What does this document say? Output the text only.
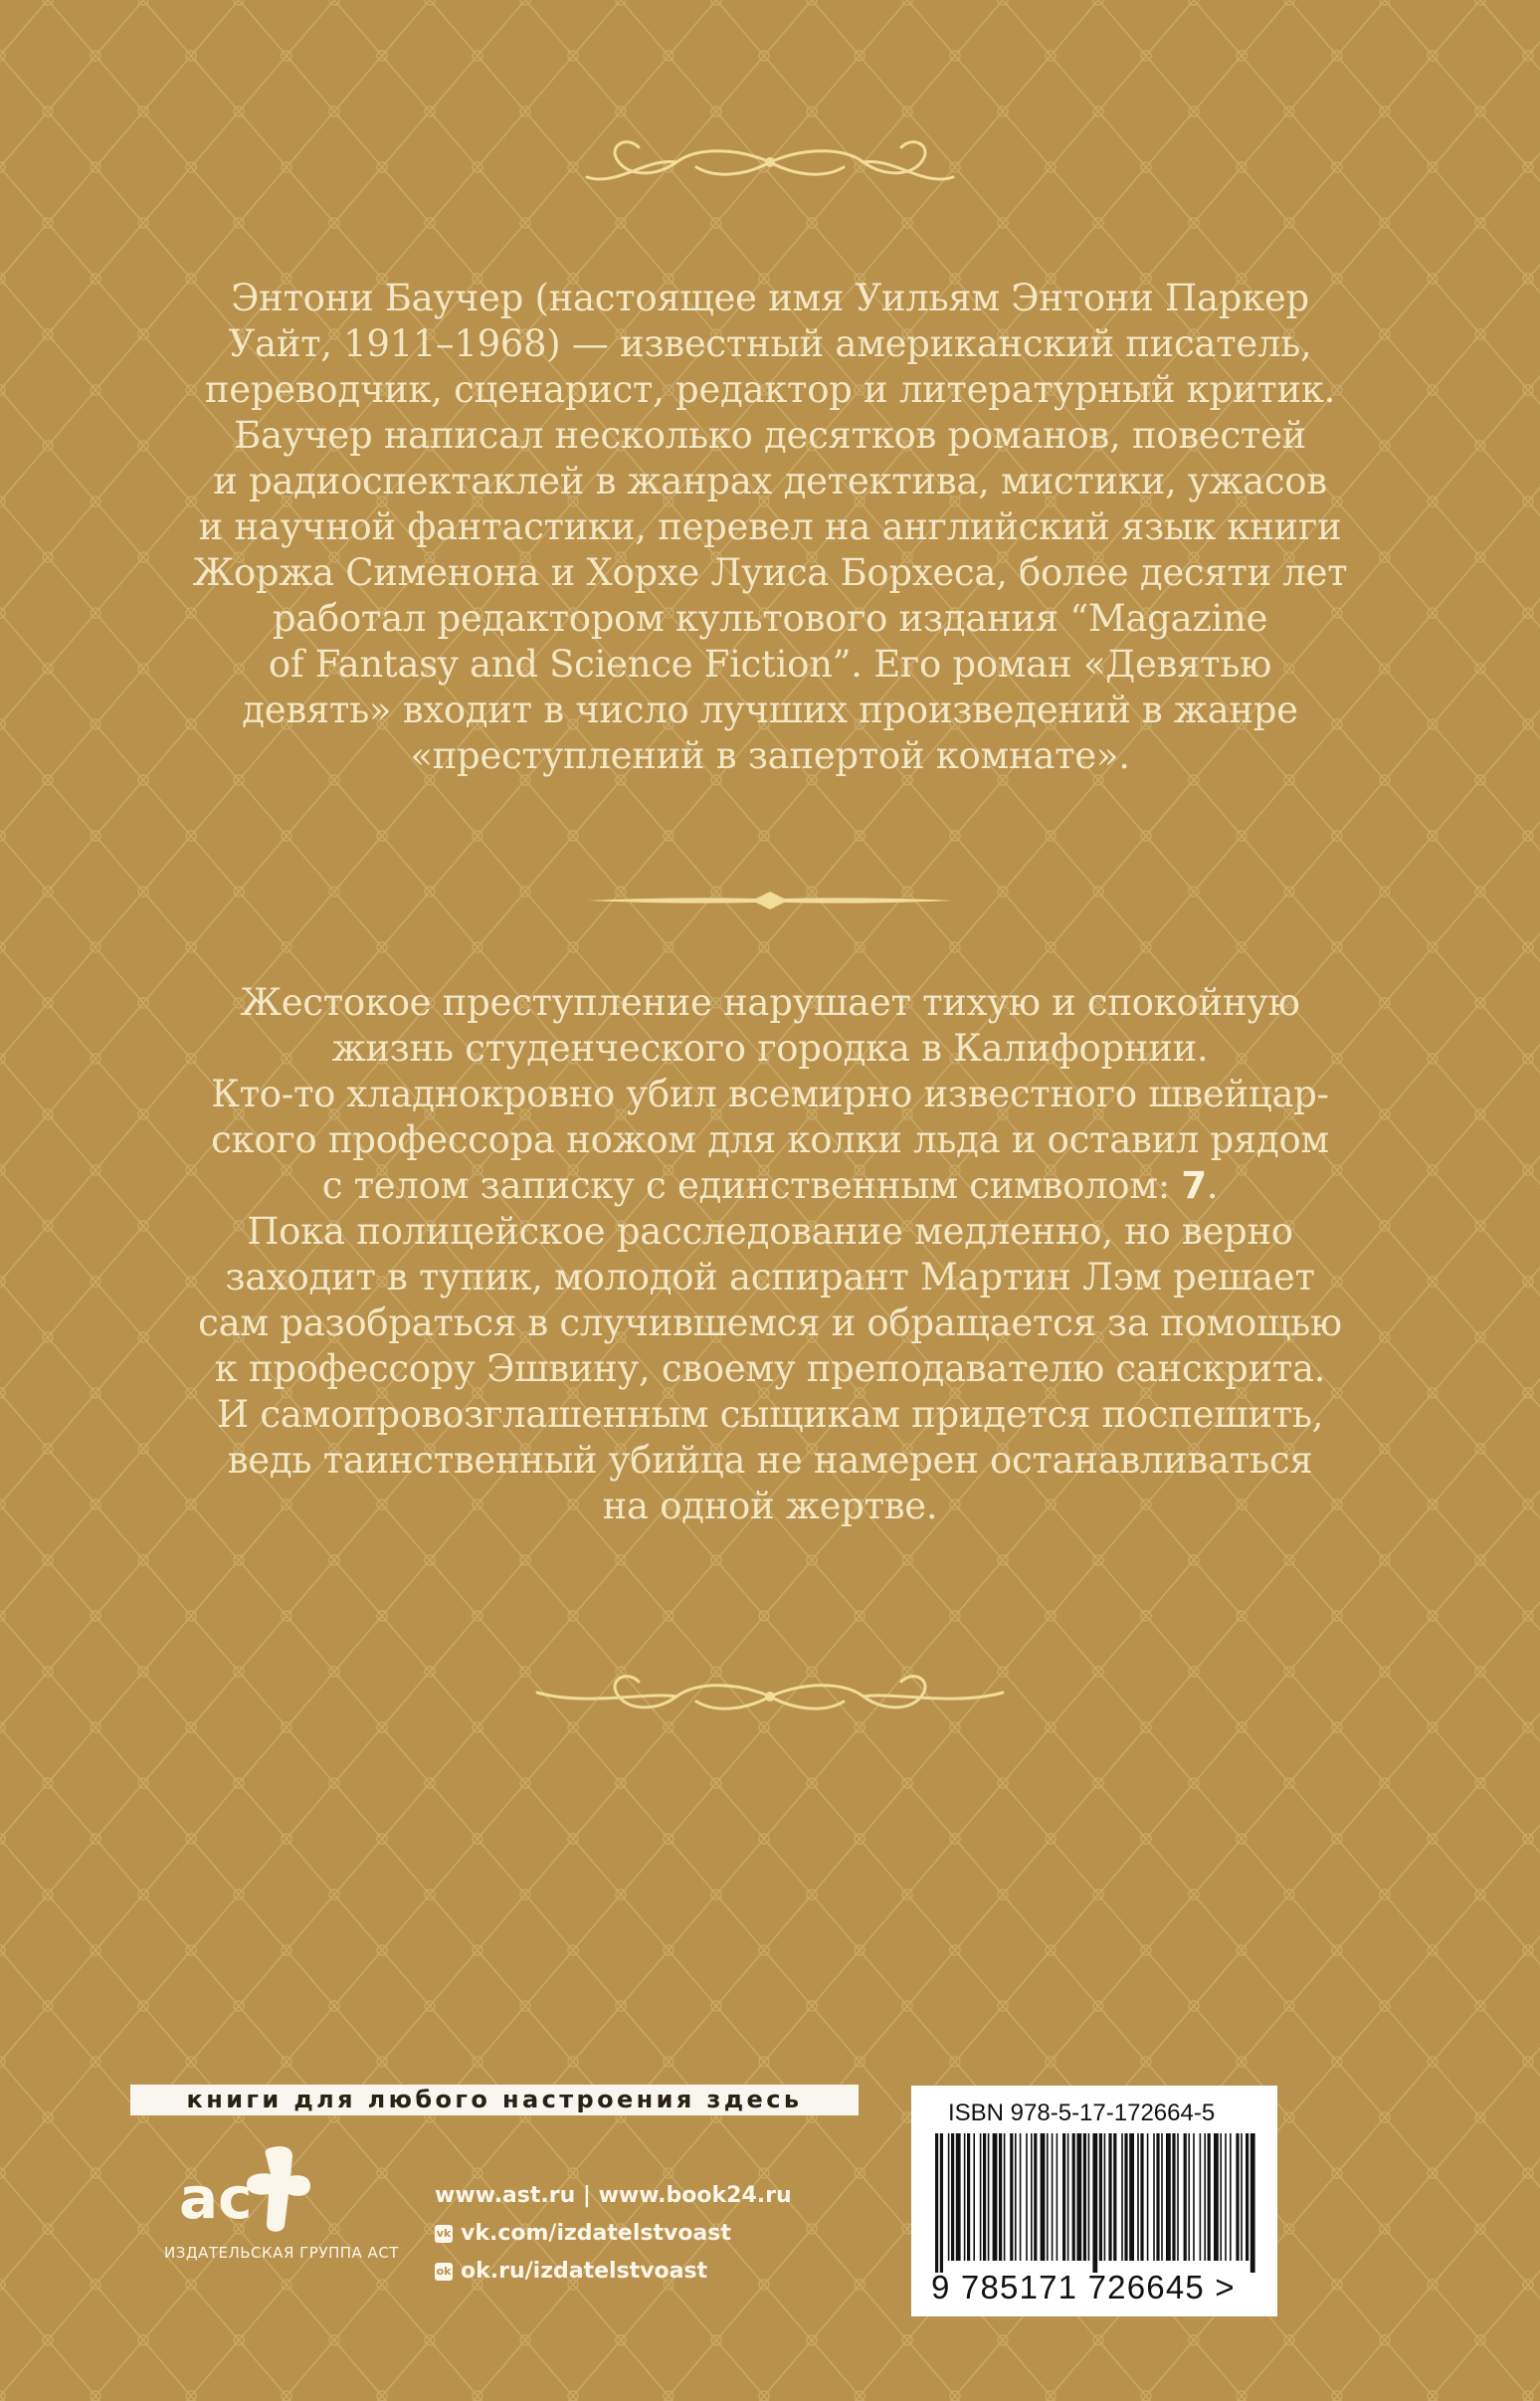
Энтони Баучер (настоящее имя Уильям Энтони Паркер
Уайт, 1911–1968) — известный американский писатель,
переводчик, сценарист, редактор и литературный критик.
Баучер написал несколько десятков романов, повестей
и радиоспектаклей в жанрах детектива, мистики, ужасов
и научной фантастики, перевел на английский язык книги
Жоржа Сименона и Хорхе Луиса Борхеса, более десяти лет
работал редактором культового издания “Magazine
of Fantasy and Science Fiction”. Его роман «Девятью
девять» входит в число лучших произведений в жанре
«преступлений в запертой комнате».
Жестокое преступление нарушает тихую и спокойную
жизнь студенческого городка в Калифорнии.
Кто-то хладнокровно убил всемирно известного швейцар-
ского профессора ножом для колки льда и оставил рядом
с телом записку с единственным символом: 7.
Пока полицейское расследование медленно, но верно
заходит в тупик, молодой аспирант Мартин Лэм решает
сам разобраться в случившемся и обращается за помощью
к профессору Эшвину, своему преподавателю санскрита.
И самопровозглашенным сыщикам придется поспешить,
ведь таинственный убийца не намерен останавливаться
на одной жертве.
книги для любого настроения здесь
ac
ИЗДАТЕЛЬСКАЯ ГРУППА АСТ
www.ast.ru | www.book24.ru
vk vk.com/izdatelstvoast
ok ok.ru/izdatelstvoast
ISBN 978-5-17-172664-5
9 785171 726645 >
